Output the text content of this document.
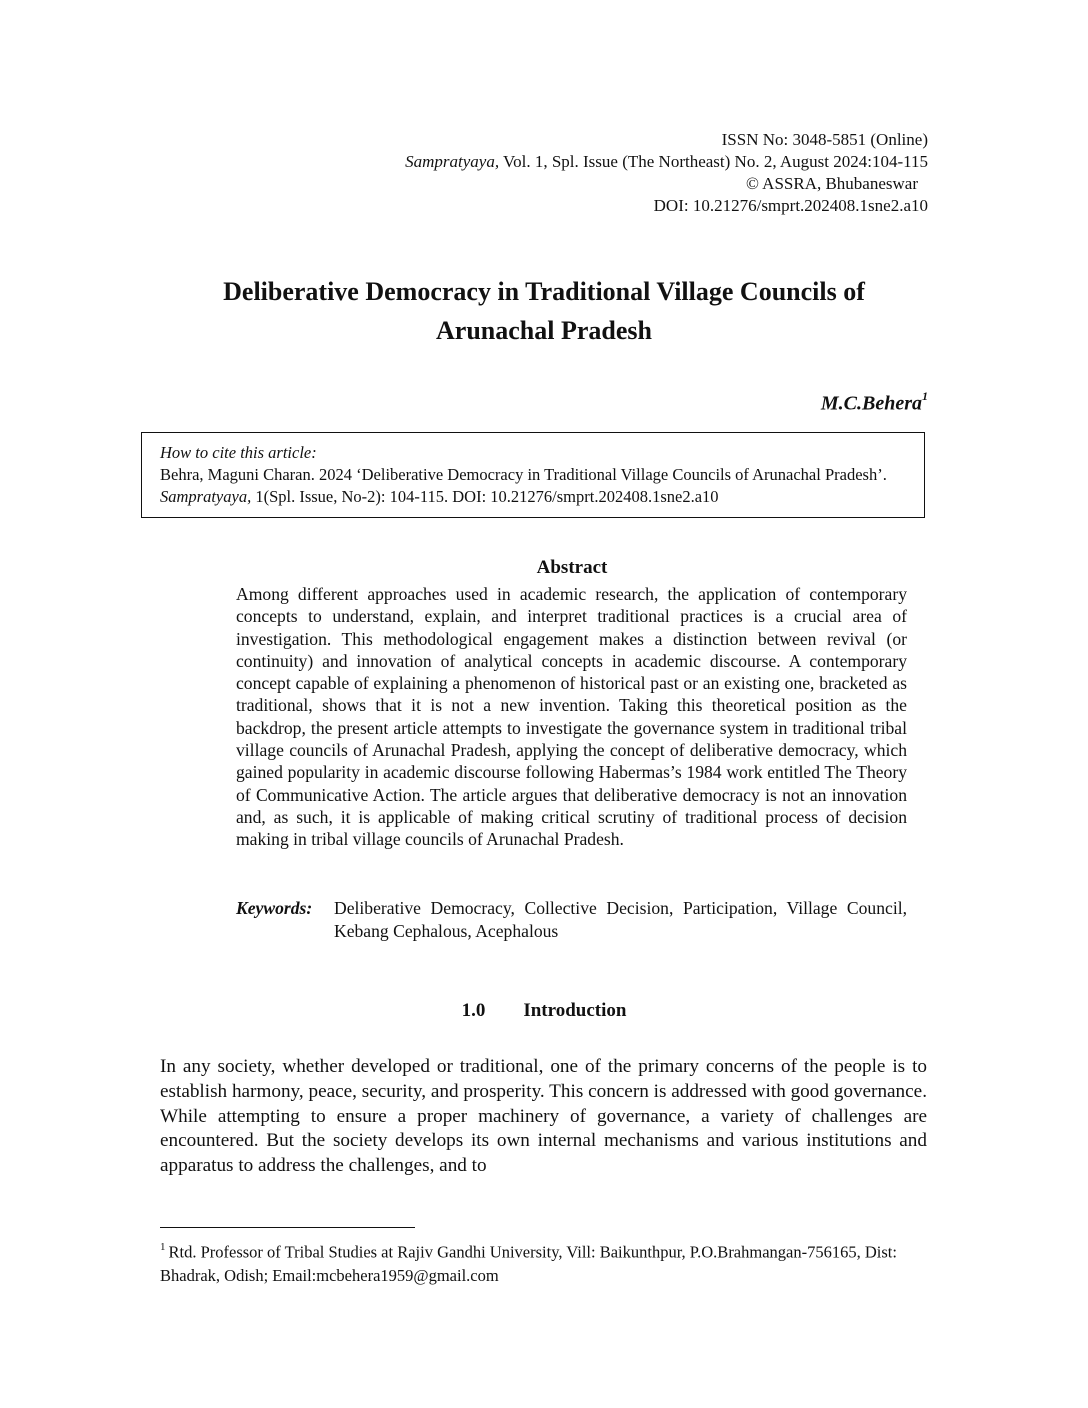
ISSN No: 3048-5851 (Online)
Sampratyaya, Vol. 1, Spl. Issue (The Northeast) No. 2, August 2024:104-115
© ASSRA, Bhubaneswar
DOI: 10.21276/smprt.202408.1sne2.a10
Deliberative Democracy in Traditional Village Councils of
Arunachal Pradesh
M.C.Behera$^1$
How to cite this article:
Behra, Maguni Charan. 2024 ‘Deliberative Democracy in Traditional Village Councils of Arunachal Pradesh’. Sampratyaya, 1(Spl. Issue, No-2): 104-115. DOI: 10.21276/smprt.202408.1sne2.a10
Abstract
Among different approaches used in academic research, the application of contemporary concepts to understand, explain, and interpret traditional practices is a crucial area of investigation. This methodological engagement makes a distinction between revival (or continuity) and innovation of analytical concepts in academic discourse. A contemporary concept capable of explaining a phenomenon of historical past or an existing one, bracketed as traditional, shows that it is not a new invention. Taking this theoretical position as the backdrop, the present article attempts to investigate the governance system in traditional tribal village councils of Arunachal Pradesh, applying the concept of deliberative democracy, which gained popularity in academic discourse following Habermas’s 1984 work entitled The Theory of Communicative Action. The article argues that deliberative democracy is not an innovation and, as such, it is applicable of making critical scrutiny of traditional process of decision making in tribal village councils of Arunachal Pradesh.
Keywords:	Deliberative Democracy, Collective Decision, Participation, Village Council, Kebang Cephalous, Acephalous
1.0 Introduction
In any society, whether developed or traditional, one of the primary concerns of the people is to establish harmony, peace, security, and prosperity. This concern is addressed with good governance. While attempting to ensure a proper machinery of governance, a variety of challenges are encountered. But the society develops its own internal mechanisms and various institutions and apparatus to address the challenges, and to
$^1$ Rtd. Professor of Tribal Studies at Rajiv Gandhi University, Vill: Baikunthpur, P.O.Brahmangan-756165, Dist: Bhadrak, Odish; Email:mcbehera1959@gmail.com
